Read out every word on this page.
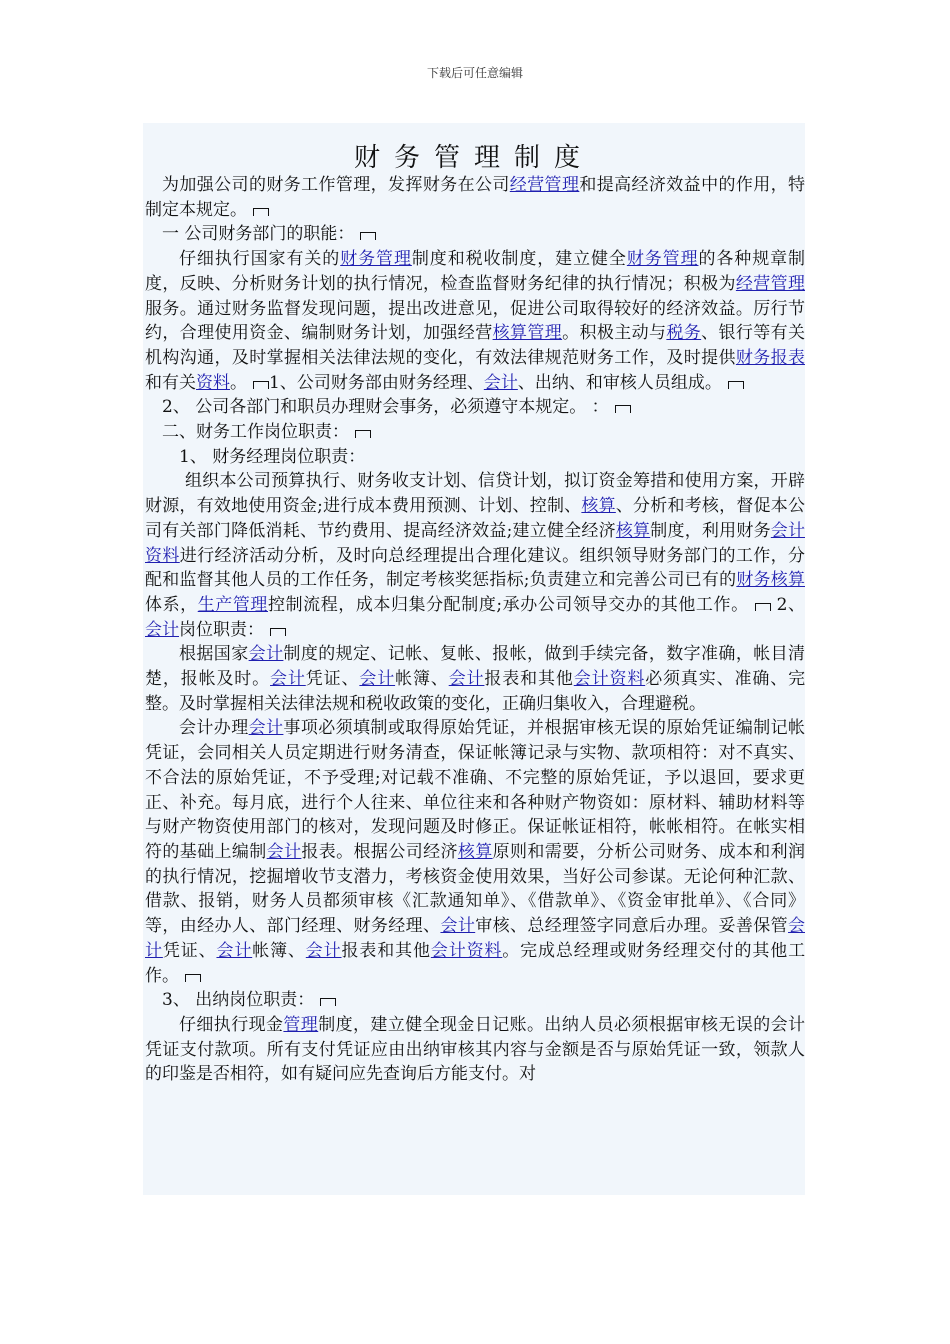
下载后可任意编辑
财务管理制度

为加强公司的财务工作管理，发挥财务在公司经营管理和提高经济效益中的作用，特制定本规定。

一 公司财务部门的职能：

仔细执行国家有关的财务管理制度和税收制度，建立健全财务管理的各种规章制度，反映、分析财务计划的执行情况，检查监督财务纪律的执行情况；积极为经营管理服务。通过财务监督发现问题，提出改进意见，促进公司取得较好的经济效益。厉行节约，合理使用资金、编制财务计划，加强经营核算管理。积极主动与税务、银行等有关机构沟通，及时掌握相关法律法规的变化，有效法律规范财务工作，及时提供财务报表和有关资料。 1、公司财务部由财务经理、会计、出纳、和审核人员组成。

2、 公司各部门和职员办理财会事务，必须遵守本规定。 ：

二、财务工作岗位职责：

1、 财务经理岗位职责：

组织本公司预算执行、财务收支计划、信贷计划，拟订资金筹措和使用方案，开辟财源，有效地使用资金;进行成本费用预测、计划、控制、核算、分析和考核，督促本公司有关部门降低消耗、节约费用、提高经济效益;建立健全经济核算制度，利用财务会计资料进行经济活动分析，及时向总经理提出合理化建议。组织领导财务部门的工作，分配和监督其他人员的工作任务，制定考核奖惩指标;负责建立和完善公司已有的财务核算体系，生产管理控制流程，成本归集分配制度;承办公司领导交办的其他工作。 2、 会计岗位职责：

根据国家会计制度的规定、记帐、复帐、报帐，做到手续完备，数字准确，帐目清楚，报帐及时。会计凭证、会计帐簿、会计报表和其他会计资料必须真实、准确、完整。及时掌握相关法律法规和税收政策的变化，正确归集收入，合理避税。

会计办理会计事项必须填制或取得原始凭证，并根据审核无误的原始凭证编制记帐凭证，会同相关人员定期进行财务清查，保证帐簿记录与实物、款项相符：对不真实、不合法的原始凭证，不予受理;对记载不准确、不完整的原始凭证，予以退回，要求更正、补充。每月底，进行个人往来、单位往来和各种财产物资如：原材料、辅助材料等与财产物资使用部门的核对，发现问题及时修正。保证帐证相符，帐帐相符。在帐实相符的基础上编制会计报表。根据公司经济核算原则和需要，分析公司财务、成本和利润的执行情况，挖掘增收节支潜力，考核资金使用效果，当好公司参谋。无论何种汇款、借款、报销，财务人员都须审核《汇款通知单》、《借款单》、《资金审批单》、《合同》等，由经办人、部门经理、财务经理、会计审核、总经理签字同意后办理。妥善保管会计凭证、会计帐簿、会计报表和其他会计资料。完成总经理或财务经理交付的其他工作。

3、 出纳岗位职责：

仔细执行现金管理制度，建立健全现金日记账。出纳人员必须根据审核无误的会计凭证支付款项。所有支付凭证应由出纳审核其内容与金额是否与原始凭证一致，领款人的印鉴是否相符，如有疑问应先查询后方能支付。对
